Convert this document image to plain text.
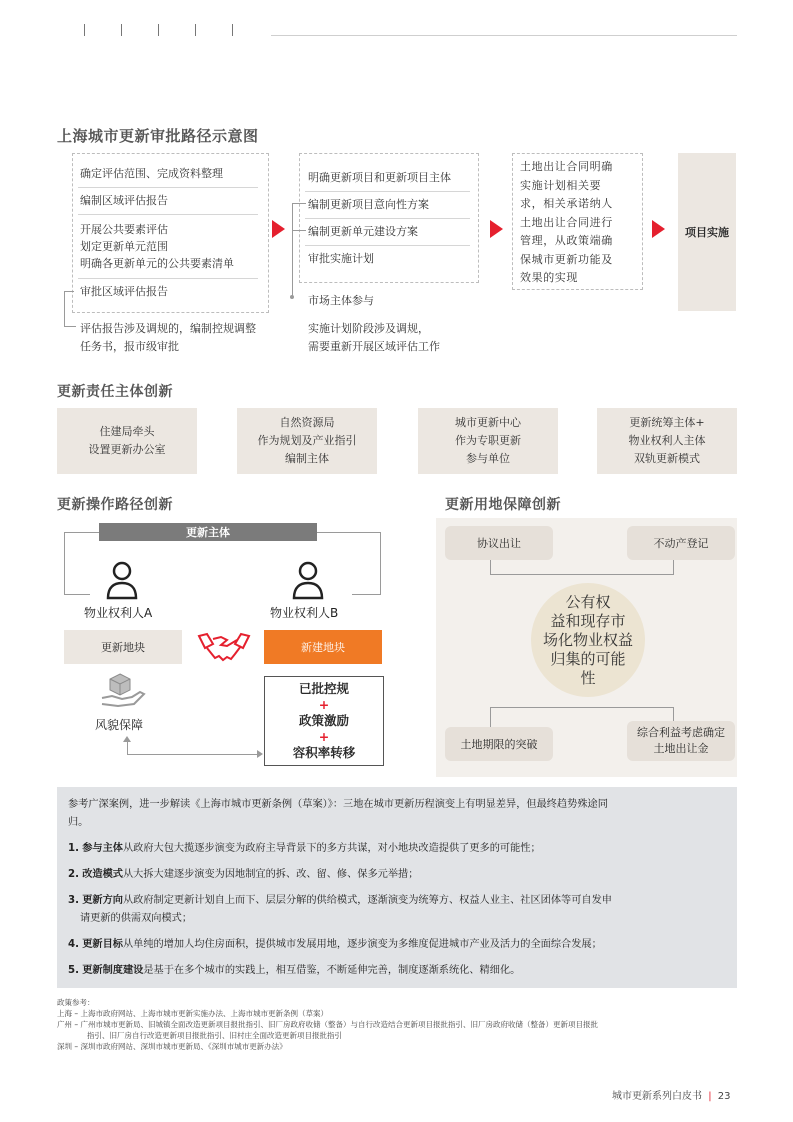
上海城市更新审批路径示意图
确定评估范围、完成资料整理
编制区域评估报告
开展公共要素评估
划定更新单元范围
明确各更新单元的公共要素清单
审批区域评估报告
评估报告涉及调规的，编制控规调整
任务书，报市级审批
明确更新项目和更新项目主体
编制更新项目意向性方案
编制更新单元建设方案
审批实施计划
市场主体参与
实施计划阶段涉及调规，
需要重新开展区域评估工作
土地出让合同明确
实施计划相关要
求，相关承诺纳人
土地出让合同进行
管理，从政策端确
保城市更新功能及
效果的实现
项目实施
更新责任主体创新
住建局牵头
设置更新办公室
自然资源局
作为规划及产业指引
编制主体
城市更新中心
作为专职更新
参与单位
更新统筹主体+
物业权利人主体
双轨更新模式
更新操作路径创新
更新主体
物业权利人A	物业权利人B
更新地块	新建地块
风貌保障
已批控规
+
政策激励
+
容积率转移
更新用地保障创新
协议出让	不动产登记
公有权
益和现存市
场化物业权益
归集的可能
性
土地期限的突破
综合利益考虑确定
土地出让金
参考广深案例，进一步解读《上海市城市更新条例（草案）》：三地在城市更新历程演变上有明显差异，但最终趋势殊途同
归。
1. 参与主体从政府大包大揽逐步演变为政府主导背景下的多方共谋，对小地块改造提供了更多的可能性；
2. 改造模式从大拆大建逐步演变为因地制宜的拆、改、留、修、保多元举措；
3. 更新方向从政府制定更新计划自上而下、层层分解的供给模式，逐渐演变为统筹方、权益人业主、社区团体等可自发申
请更新的供需双向模式；
4. 更新目标从单纯的增加人均住房面积，提供城市发展用地，逐步演变为多维度促进城市产业及活力的全面综合发展；
5. 更新制度建设是基于在多个城市的实践上，相互借鉴，不断延伸完善，制度逐渐系统化、精细化。
政策参考：
上海 – 上海市政府网站、上海市城市更新实施办法、上海市城市更新条例（草案）
广州 – 广州市城市更新局、旧城镇全面改造更新项目报批指引、旧厂房政府收储（整备）与自行改造结合更新项目报批指引、旧厂房政府收储（整备）更新项目报批
指引、旧厂房自行改造更新项目报批指引、旧村庄全面改造更新项目报批指引
深圳 – 深圳市政府网站、深圳市城市更新局、《深圳市城市更新办法》
城市更新系列白皮书 | 23
